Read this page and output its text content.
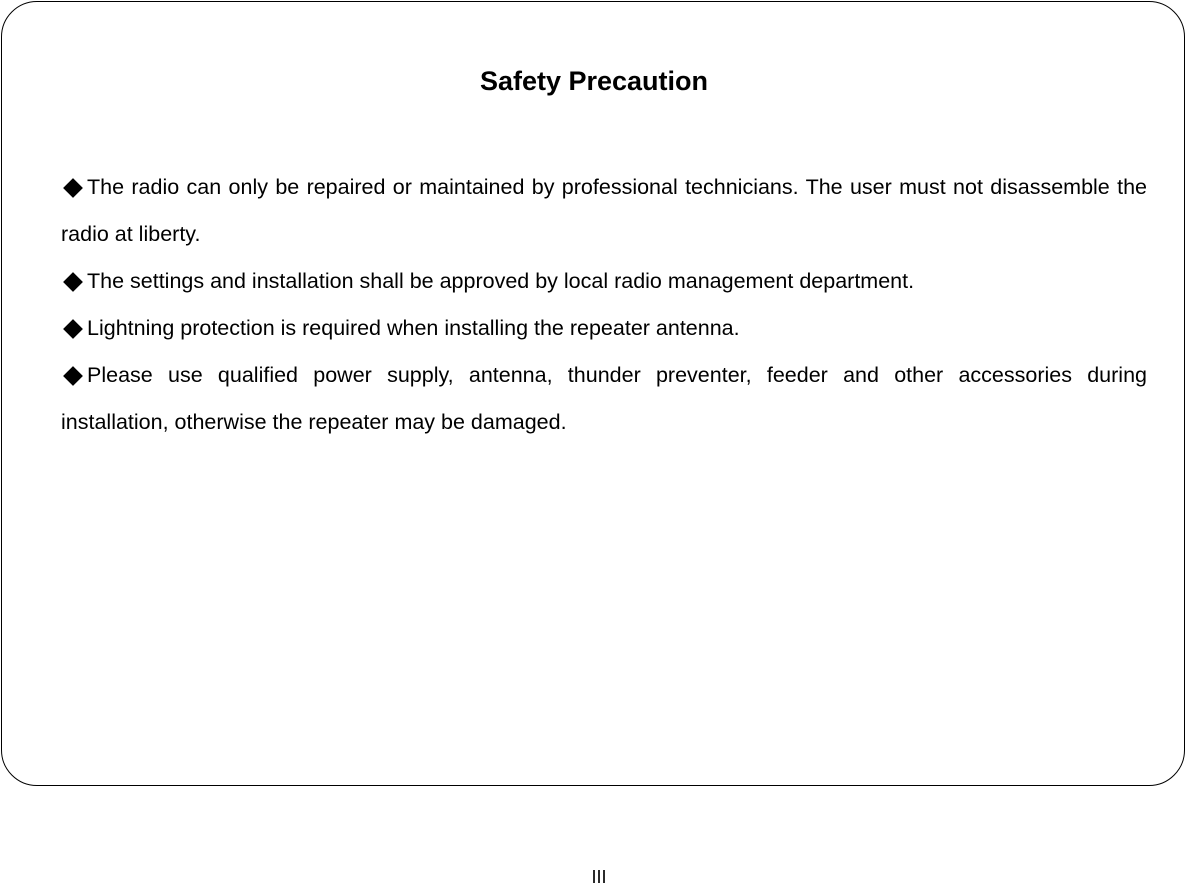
Safety Precaution
The radio can only be repaired or maintained by professional technicians. The user must not disassemble the radio at liberty.
The settings and installation shall be approved by local radio management department.
Lightning protection is required when installing the repeater antenna.
Please use qualified power supply, antenna, thunder preventer, feeder and other accessories during installation, otherwise the repeater may be damaged.

III
